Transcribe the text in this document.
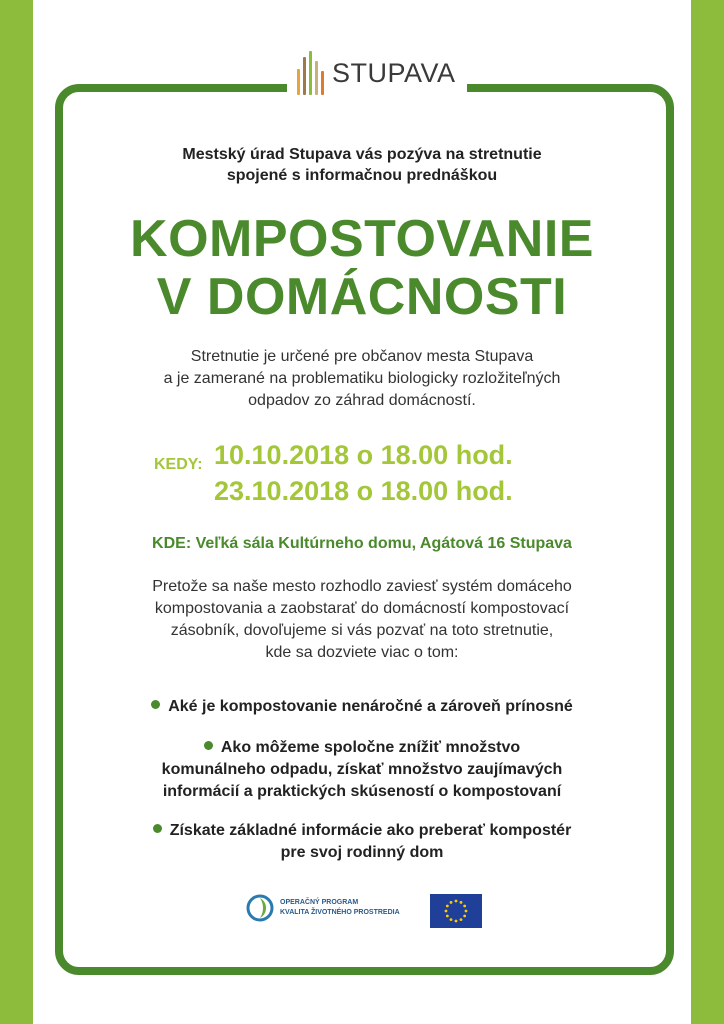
STUPAVA
Mestský úrad Stupava vás pozýva na stretnutie
spojené s informačnou prednáškou
KOMPOSTOVANIE
V DOMÁCNOSTI
Stretnutie je určené pre občanov mesta Stupava
a je zamerané na problematiku biologicky rozložiteľných
odpadov zo záhrad domácností.
KEDY: 10.10.2018 o 18.00 hod.
23.10.2018 o 18.00 hod.
KDE: Veľká sála Kultúrneho domu, Agátová 16 Stupava
Pretože sa naše mesto rozhodlo zaviesť systém domáceho
kompostovania a zaobstarať do domácností kompostovací
zásobník, dovoľujeme si vás pozvať na toto stretnutie,
kde sa dozviete viac o tom:
Aké je kompostovanie nenáročné a zároveň prínosné
Ako môžeme spoločne znížiť množstvo
komunálneho odpadu, získať množstvo zaujímavých
informácií a praktických skúseností o kompostovaní
Získate základné informácie ako preberať kompostér
pre svoj rodinný dom
OPERAČNÝ PROGRAM
KVALITA ŽIVOTNÉHO PROSTREDIA
